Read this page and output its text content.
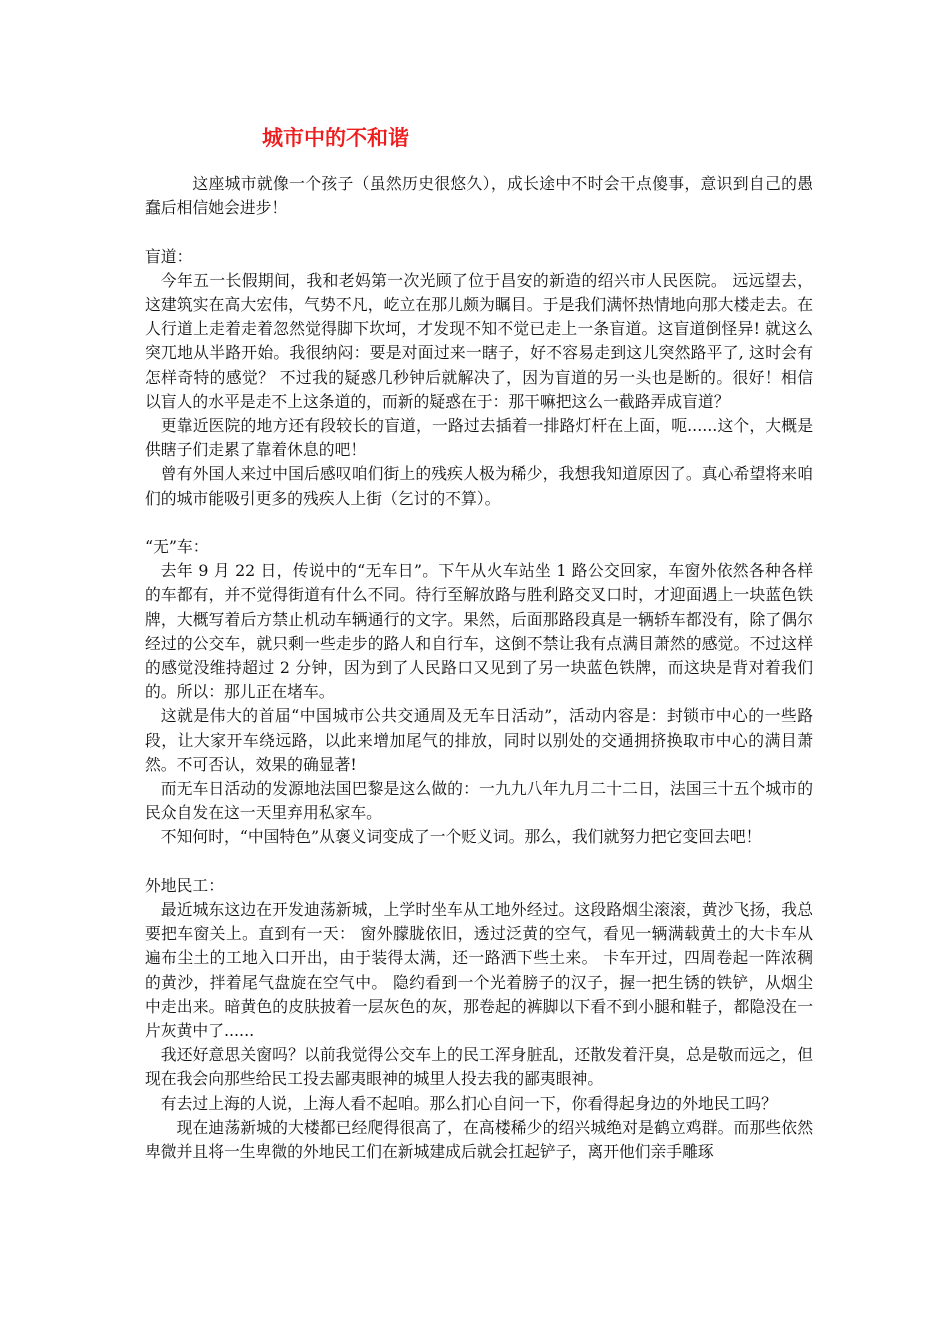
城市中的不和谐

这座城市就像一个孩子（虽然历史很悠久），成长途中不时会干点傻事，意识到自己的愚蠢后相信她会进步！

盲道：

今年五一长假期间，我和老妈第一次光顾了位于昌安的新造的绍兴市人民医院。 远远望去，这建筑实在高大宏伟，气势不凡，屹立在那儿颇为瞩目。于是我们满怀热情地向那大楼走去。在人行道上走着走着忽然觉得脚下坎坷，才发现不知不觉已走上一条盲道。这盲道倒怪异! 就这么突兀地从半路开始。我很纳闷：要是对面过来一瞎子，好不容易走到这儿突然路平了, 这时会有怎样奇特的感觉？ 不过我的疑惑几秒钟后就解决了，因为盲道的另一头也是断的。很好！相信以盲人的水平是走不上这条道的，而新的疑惑在于：那干嘛把这么一截路弄成盲道？

更靠近医院的地方还有段较长的盲道，一路过去插着一排路灯杆在上面，呃......这个，大概是供瞎子们走累了靠着休息的吧！

曾有外国人来过中国后感叹咱们街上的残疾人极为稀少，我想我知道原因了。真心希望将来咱们的城市能吸引更多的残疾人上街（乞讨的不算）。

“无”车：

去年 9 月 22 日，传说中的“无车日”。下午从火车站坐 1 路公交回家，车窗外依然各种各样的车都有，并不觉得街道有什么不同。待行至解放路与胜利路交叉口时，才迎面遇上一块蓝色铁牌，大概写着后方禁止机动车辆通行的文字。果然，后面那路段真是一辆轿车都没有，除了偶尔经过的公交车，就只剩一些走步的路人和自行车，这倒不禁让我有点满目萧然的感觉。不过这样的感觉没维持超过 2 分钟，因为到了人民路口又见到了另一块蓝色铁牌，而这块是背对着我们的。所以：那儿正在堵车。

这就是伟大的首届“中国城市公共交通周及无车日活动”，活动内容是：封锁市中心的一些路段，让大家开车绕远路，以此来增加尾气的排放，同时以别处的交通拥挤换取市中心的满目萧然。不可否认，效果的确显著!

而无车日活动的发源地法国巴黎是这么做的：一九九八年九月二十二日，法国三十五个城市的民众自发在这一天里弃用私家车。

不知何时，“中国特色”从褒义词变成了一个贬义词。那么，我们就努力把它变回去吧！

外地民工：

最近城东这边在开发迪荡新城，上学时坐车从工地外经过。这段路烟尘滚滚，黄沙飞扬，我总要把车窗关上。直到有一天： 窗外朦胧依旧，透过泛黄的空气，看见一辆满载黄土的大卡车从遍布尘土的工地入口开出，由于装得太满，还一路洒下些土来。 卡车开过，四周卷起一阵浓稠的黄沙，拌着尾气盘旋在空气中。 隐约看到一个光着膀子的汉子，握一把生锈的铁铲，从烟尘中走出来。暗黄色的皮肤披着一层灰色的灰，那卷起的裤脚以下看不到小腿和鞋子，都隐没在一片灰黄中了......

我还好意思关窗吗？以前我觉得公交车上的民工浑身脏乱，还散发着汗臭，总是敬而远之，但现在我会向那些给民工投去鄙夷眼神的城里人投去我的鄙夷眼神。

有去过上海的人说，上海人看不起咱。那么扪心自问一下，你看得起身边的外地民工吗？

现在迪荡新城的大楼都已经爬得很高了，在高楼稀少的绍兴城绝对是鹤立鸡群。而那些依然卑微并且将一生卑微的外地民工们在新城建成后就会扛起铲子，离开他们亲手雕琢
